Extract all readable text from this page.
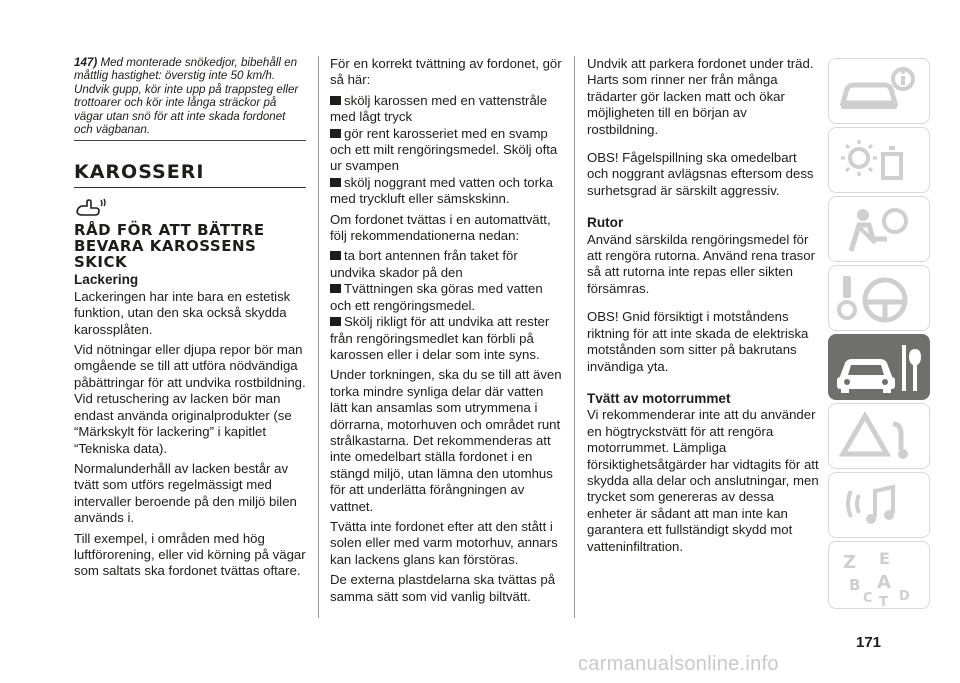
147) Med monterade snökedjor, bibehåll en måttlig hastighet: överstig inte 50 km/h. Undvik gupp, kör inte upp på trappsteg eller trottoarer och kör inte långa sträckor på vägar utan snö för att inte skada fordonet och vägbanan.
KAROSSERI
RÅD FÖR ATT BÄTTRE BEVARA KAROSSENS SKICK
Lackering

Lackeringen har inte bara en estetisk funktion, utan den ska också skydda karossplåten.

Vid nötningar eller djupa repor bör man omgående se till att utföra nödvändiga påbättringar för att undvika rostbildning. Vid retuschering av lacken bör man endast använda originalprodukter (se “Märkskylt för lackering” i kapitlet “Tekniska data).

Normalunderhåll av lacken består av tvätt som utförs regelmässigt med intervaller beroende på den miljö bilen används i.

Till exempel, i områden med hög luftförorening, eller vid körning på vägar som saltats ska fordonet tvättas oftare.

För en korrekt tvättning av fordonet, gör så här:

skölj karossen med en vattenstråle med lågt tryck

gör rent karosseriet med en svamp och ett milt rengöringsmedel. Skölj ofta ur svampen

skölj noggrant med vatten och torka med tryckluft eller sämskskinn.

Om fordonet tvättas i en automattvätt, följ rekommendationerna nedan:

ta bort antennen från taket för undvika skador på den

Tvättningen ska göras med vatten och ett rengöringsmedel.

Skölj rikligt för att undvika att rester från rengöringsmedlet kan förbli på karossen eller i delar som inte syns.

Under torkningen, ska du se till att även torka mindre synliga delar där vatten lätt kan ansamlas som utrymmena i dörrarna, motorhuven och området runt strålkastarna. Det rekommenderas att inte omedelbart ställa fordonet i en stängd miljö, utan lämna den utomhus för att underlätta förångningen av vattnet.

Tvätta inte fordonet efter att den stått i solen eller med varm motorhuv, annars kan lackens glans kan förstöras.

De externa plastdelarna ska tvättas på samma sätt som vid vanlig biltvätt.

Undvik att parkera fordonet under träd. Harts som rinner ner från många trädarter gör lacken matt och ökar möjligheten till en början av rostbildning.

OBS! Fågelspillning ska omedelbart och noggrant avlägsnas eftersom dess surhetsgrad är särskilt aggressiv.

Rutor

Använd särskilda rengöringsmedel för att rengöra rutorna. Använd rena trasor så att rutorna inte repas eller sikten försämras.

OBS! Gnid försiktigt i motståndens riktning för att inte skada de elektriska motstånden som sitter på bakrutans invändiga yta.

Tvätt av motorrummet

Vi rekommenderar inte att du använder en högtryckstvätt för att rengöra motorrummet. Lämpliga försiktighetsåtgärder har vidtagits för att skydda alla delar och anslutningar, men trycket som genereras av dessa enheter är sådant att man inte kan garantera ett fullständigt skydd mot vatteninfiltration.

Z E
B A
C T D
171
carmanualsonline.info
